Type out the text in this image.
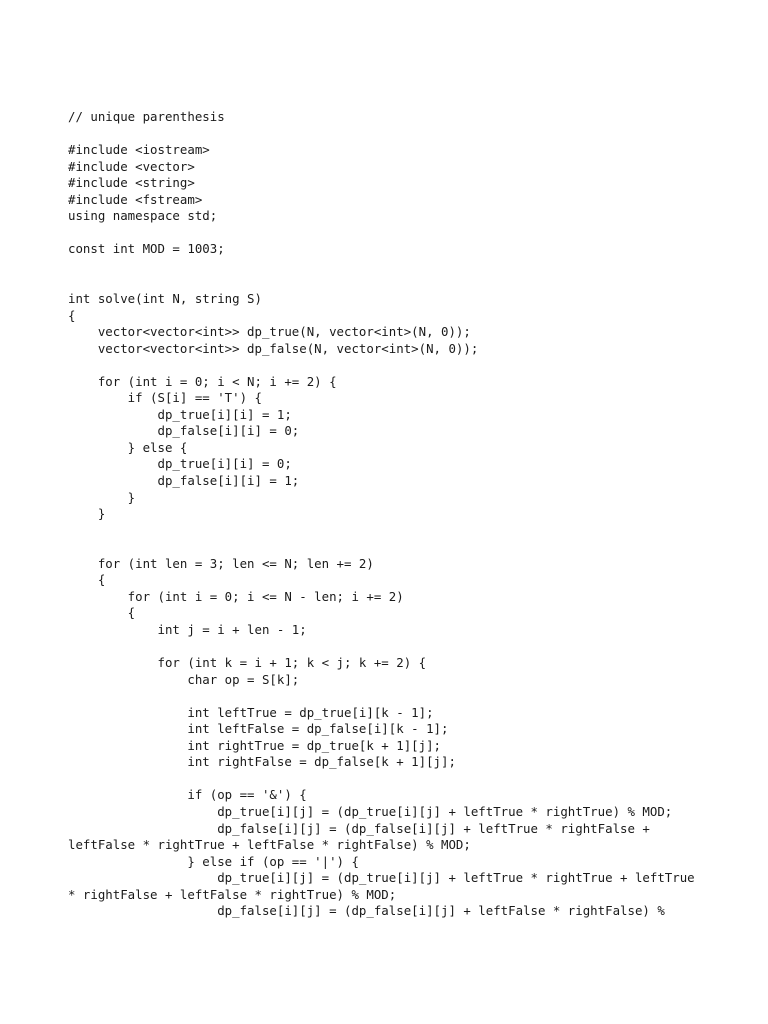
// unique parenthesis
#include <iostream>
#include <vector>
#include <string>
#include <fstream>
using namespace std;
const int MOD = 1003;
int solve(int N, string S)
{
vector<vector<int>> dp_true(N, vector<int>(N, 0));
vector<vector<int>> dp_false(N, vector<int>(N, 0));
for (int i = 0; i < N; i += 2) {
if (S[i] == 'T') {
dp_true[i][i] = 1;
dp_false[i][i] = 0;
} else {
dp_true[i][i] = 0;
dp_false[i][i] = 1;
}
}
for (int len = 3; len <= N; len += 2)
{
for (int i = 0; i <= N - len; i += 2)
{
int j = i + len - 1;
for (int k = i + 1; k < j; k += 2) {
char op = S[k];
int leftTrue = dp_true[i][k - 1];
int leftFalse = dp_false[i][k - 1];
int rightTrue = dp_true[k + 1][j];
int rightFalse = dp_false[k + 1][j];
if (op == '&') {
dp_true[i][j] = (dp_true[i][j] + leftTrue * rightTrue) % MOD;
dp_false[i][j] = (dp_false[i][j] + leftTrue * rightFalse +
leftFalse * rightTrue + leftFalse * rightFalse) % MOD;
} else if (op == '|') {
dp_true[i][j] = (dp_true[i][j] + leftTrue * rightTrue + leftTrue
* rightFalse + leftFalse * rightTrue) % MOD;
dp_false[i][j] = (dp_false[i][j] + leftFalse * rightFalse) %
